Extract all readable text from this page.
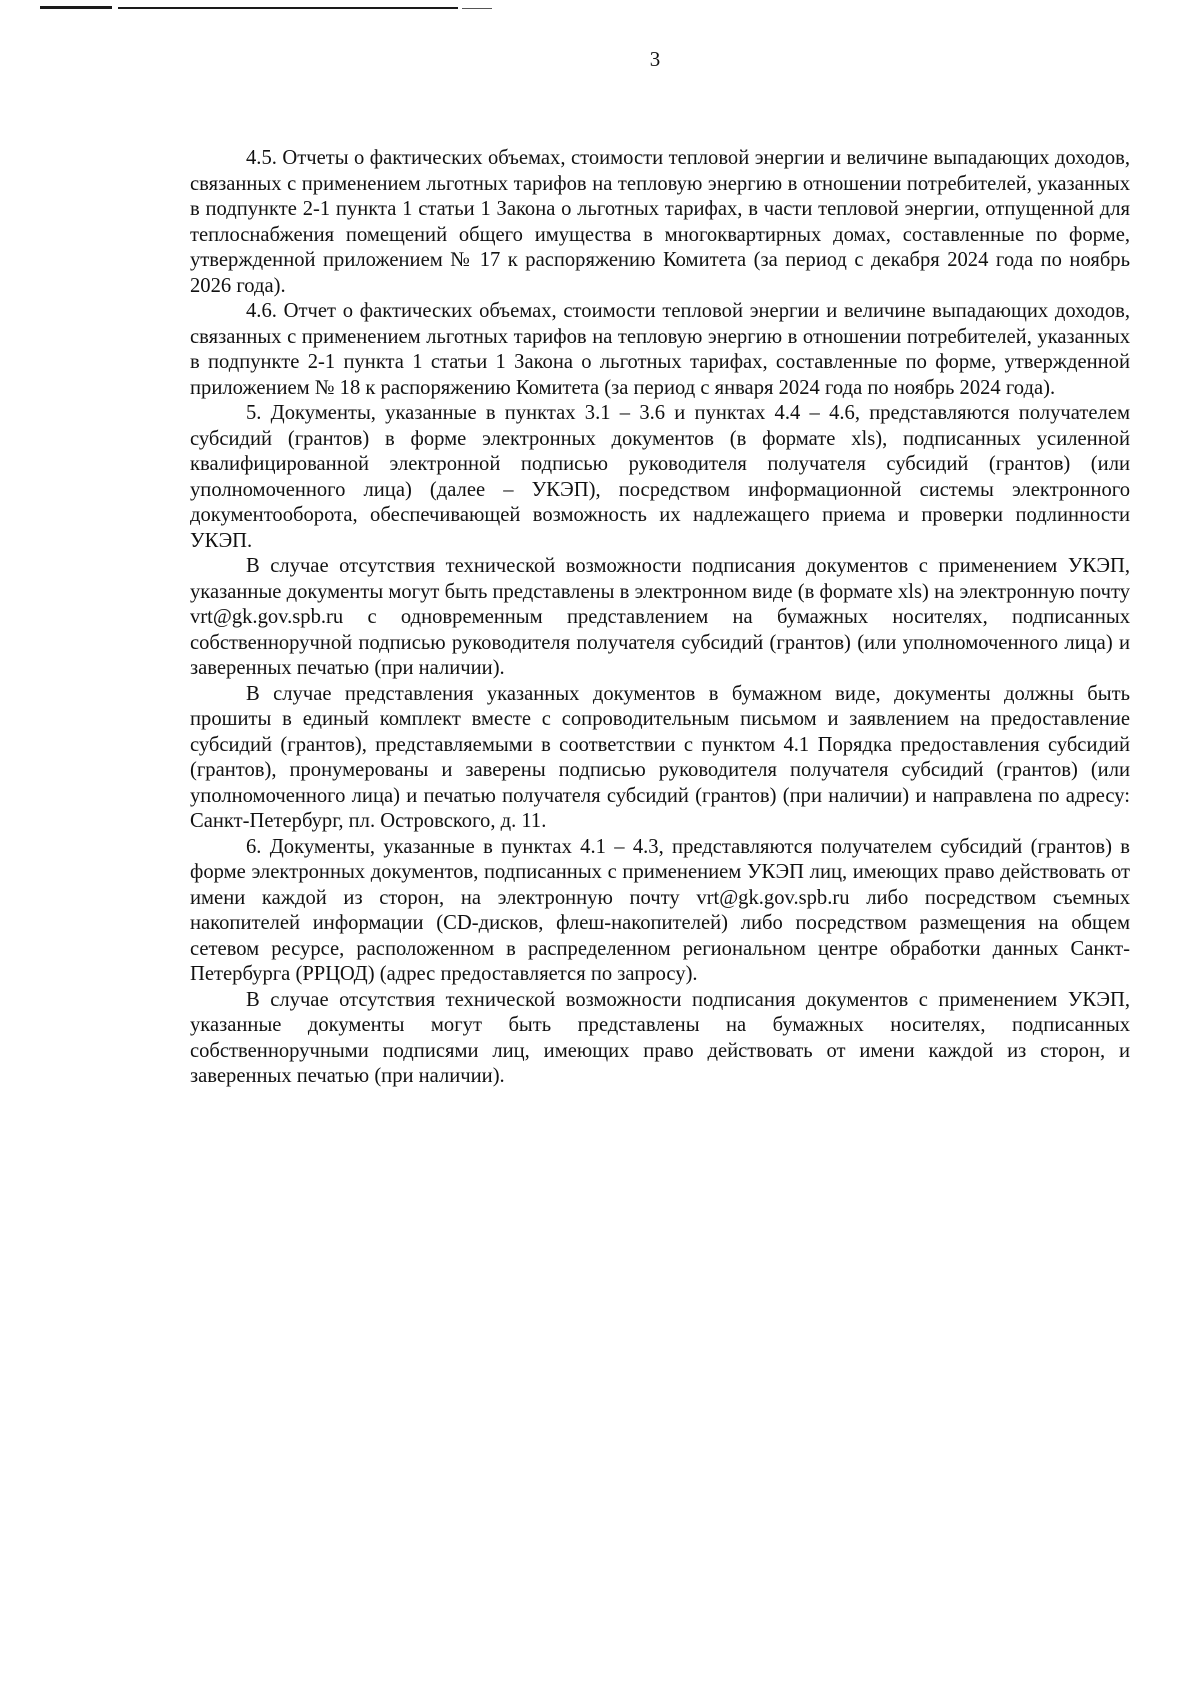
3

4.5. Отчеты о фактических объемах, стоимости тепловой энергии и величине выпадающих доходов, связанных с применением льготных тарифов на тепловую энергию в отношении потребителей, указанных в подпункте 2-1 пункта 1 статьи 1 Закона о льготных тарифах, в части тепловой энергии, отпущенной для теплоснабжения помещений общего имущества в многоквартирных домах, составленные по форме, утвержденной приложением № 17 к распоряжению Комитета (за период с декабря 2024 года по ноябрь 2026 года).

4.6. Отчет о фактических объемах, стоимости тепловой энергии и величине выпадающих доходов, связанных с применением льготных тарифов на тепловую энергию в отношении потребителей, указанных в подпункте 2-1 пункта 1 статьи 1 Закона о льготных тарифах, составленные по форме, утвержденной приложением № 18 к распоряжению Комитета (за период с января 2024 года по ноябрь 2024 года).

5. Документы, указанные в пунктах 3.1 – 3.6 и пунктах 4.4 – 4.6, представляются получателем субсидий (грантов) в форме электронных документов (в формате xls), подписанных усиленной квалифицированной электронной подписью руководителя получателя субсидий (грантов) (или уполномоченного лица) (далее – УКЭП), посредством информационной системы электронного документооборота, обеспечивающей возможность их надлежащего приема и проверки подлинности УКЭП.

В случае отсутствия технической возможности подписания документов с применением УКЭП, указанные документы могут быть представлены в электронном виде (в формате xls) на электронную почту vrt@gk.gov.spb.ru с одновременным представлением на бумажных носителях, подписанных собственноручной подписью руководителя получателя субсидий (грантов) (или уполномоченного лица) и заверенных печатью (при наличии).

В случае представления указанных документов в бумажном виде, документы должны быть прошиты в единый комплект вместе с сопроводительным письмом и заявлением на предоставление субсидий (грантов), представляемыми в соответствии с пунктом 4.1 Порядка предоставления субсидий (грантов), пронумерованы и заверены подписью руководителя получателя субсидий (грантов) (или уполномоченного лица) и печатью получателя субсидий (грантов) (при наличии) и направлена по адресу: Санкт-Петербург, пл. Островского, д. 11.

6. Документы, указанные в пунктах 4.1 – 4.3, представляются получателем субсидий (грантов) в форме электронных документов, подписанных с применением УКЭП лиц, имеющих право действовать от имени каждой из сторон, на электронную почту vrt@gk.gov.spb.ru либо посредством съемных накопителей информации (CD-дисков, флеш-накопителей) либо посредством размещения на общем сетевом ресурсе, расположенном в распределенном региональном центре обработки данных Санкт-Петербурга (РРЦОД) (адрес предоставляется по запросу).

В случае отсутствия технической возможности подписания документов с применением УКЭП, указанные документы могут быть представлены на бумажных носителях, подписанных собственноручными подписями лиц, имеющих право действовать от имени каждой из сторон, и заверенных печатью (при наличии).
